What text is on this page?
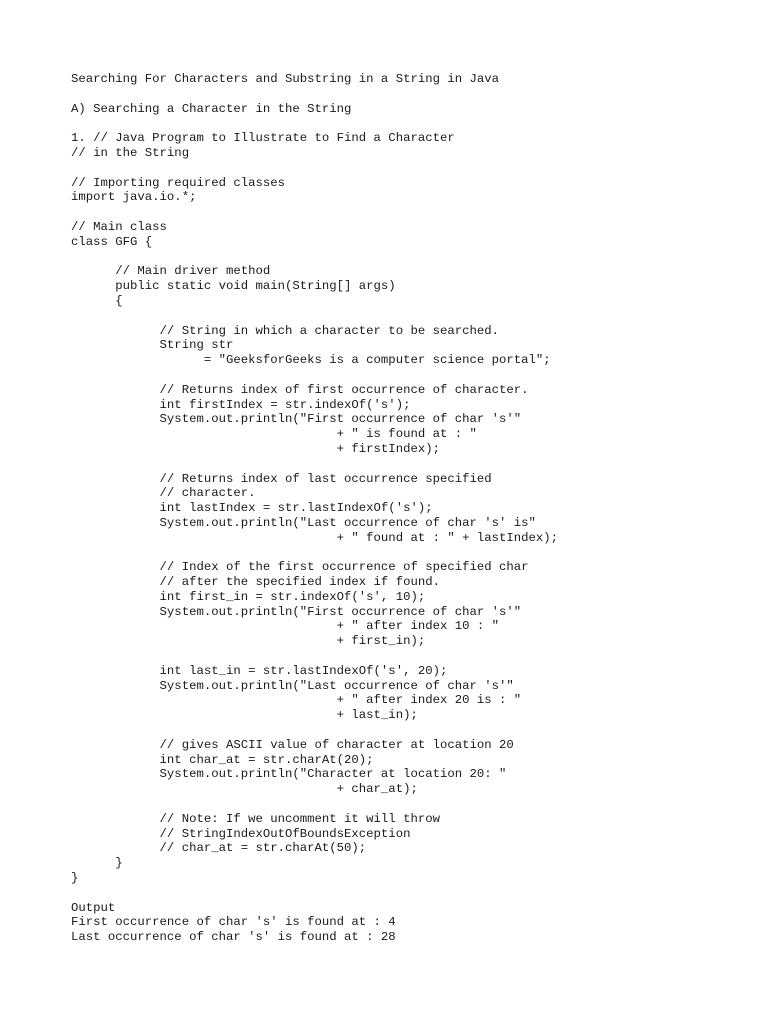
Searching For Characters and Substring in a String in Java
A) Searching a Character in the String
1. // Java Program to Illustrate to Find a Character
// in the String
// Importing required classes
import java.io.*;
// Main class
class GFG {
// Main driver method
public static void main(String[] args)
{
// String in which a character to be searched.
String str
= "GeeksforGeeks is a computer science portal";
// Returns index of first occurrence of character.
int firstIndex = str.indexOf('s');
System.out.println("First occurrence of char 's'"
+ " is found at : "
+ firstIndex);
// Returns index of last occurrence specified
// character.
int lastIndex = str.lastIndexOf('s');
System.out.println("Last occurrence of char 's' is"
+ " found at : " + lastIndex);
// Index of the first occurrence of specified char
// after the specified index if found.
int first_in = str.indexOf('s', 10);
System.out.println("First occurrence of char 's'"
+ " after index 10 : "
+ first_in);
int last_in = str.lastIndexOf('s', 20);
System.out.println("Last occurrence of char 's'"
+ " after index 20 is : "
+ last_in);
// gives ASCII value of character at location 20
int char_at = str.charAt(20);
System.out.println("Character at location 20: "
+ char_at);
// Note: If we uncomment it will throw
// StringIndexOutOfBoundsException
// char_at = str.charAt(50);
}
}
Output
First occurrence of char 's' is found at : 4
Last occurrence of char 's' is found at : 28
